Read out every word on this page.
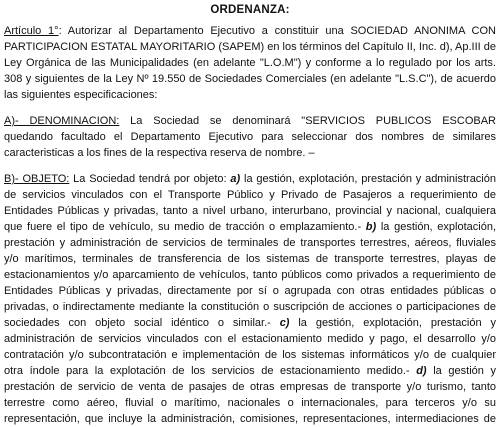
ORDENANZA:
Artículo 1°: Autorizar al Departamento Ejecutivo a constituir una SOCIEDAD ANONIMA CON
PARTICIPACION ESTATAL MAYORITARIO (SAPEM) en los términos del Capítulo II, Inc. d), Ap.III de
Ley Orgánica de las Municipalidades (en adelante "L.O.M") y conforme a lo regulado por los arts.
308 y siguientes de la Ley Nº 19.550 de Sociedades Comerciales (en adelante "L.S.C"), de acuerdo
las siguientes especificaciones:
A)- DENOMINACION: La Sociedad se denominará "SERVICIOS PUBLICOS ESCOBAR
quedando facultado el Departamento Ejecutivo para seleccionar dos nombres de similares
caracteristicas a los fines de la respectiva reserva de nombre. –
B)- OBJETO: La Sociedad tendrá por objeto: a) la gestión, explotación, prestación y administración
de servicios vinculados con el Transporte Público y Privado de Pasajeros a requerimiento de
Entidades Públicas y privadas, tanto a nivel urbano, interurbano, provincial y nacional, cualquiera
que fuere el tipo de vehículo, su medio de tracción o emplazamiento.- b) la gestión, explotación,
prestación y administración de servicios de terminales de transportes terrestres, aéreos, fluviales
y/o marítimos, terminales de transferencia de los sistemas de transporte terrestres, playas de
estacionamientos y/o aparcamiento de vehículos, tanto públicos como privados a requerimiento de
Entidades Públicas y privadas, directamente por sí o agrupada con otras entidades públicas o
privadas, o indirectamente mediante la constitución o suscripción de acciones o participaciones de
sociedades con objeto social idéntico o similar.- c) la gestión, explotación, prestación y
administración de servicios vinculados con el estacionamiento medido y pago, el desarrollo y/o
contratación y/o subcontratación e implementación de los sistemas informáticos y/o de cualquier
otra índole para la explotación de los servicios de estacionamiento medido.- d) la gestión y
prestación de servicio de venta de pasajes de otras empresas de transporte y/o turismo, tanto
terrestre como aéreo, fluvial o marítimo, nacionales o internacionales, para terceros y/o su
representación, que incluye la administración, comisiones, representaciones, intermediaciones de
